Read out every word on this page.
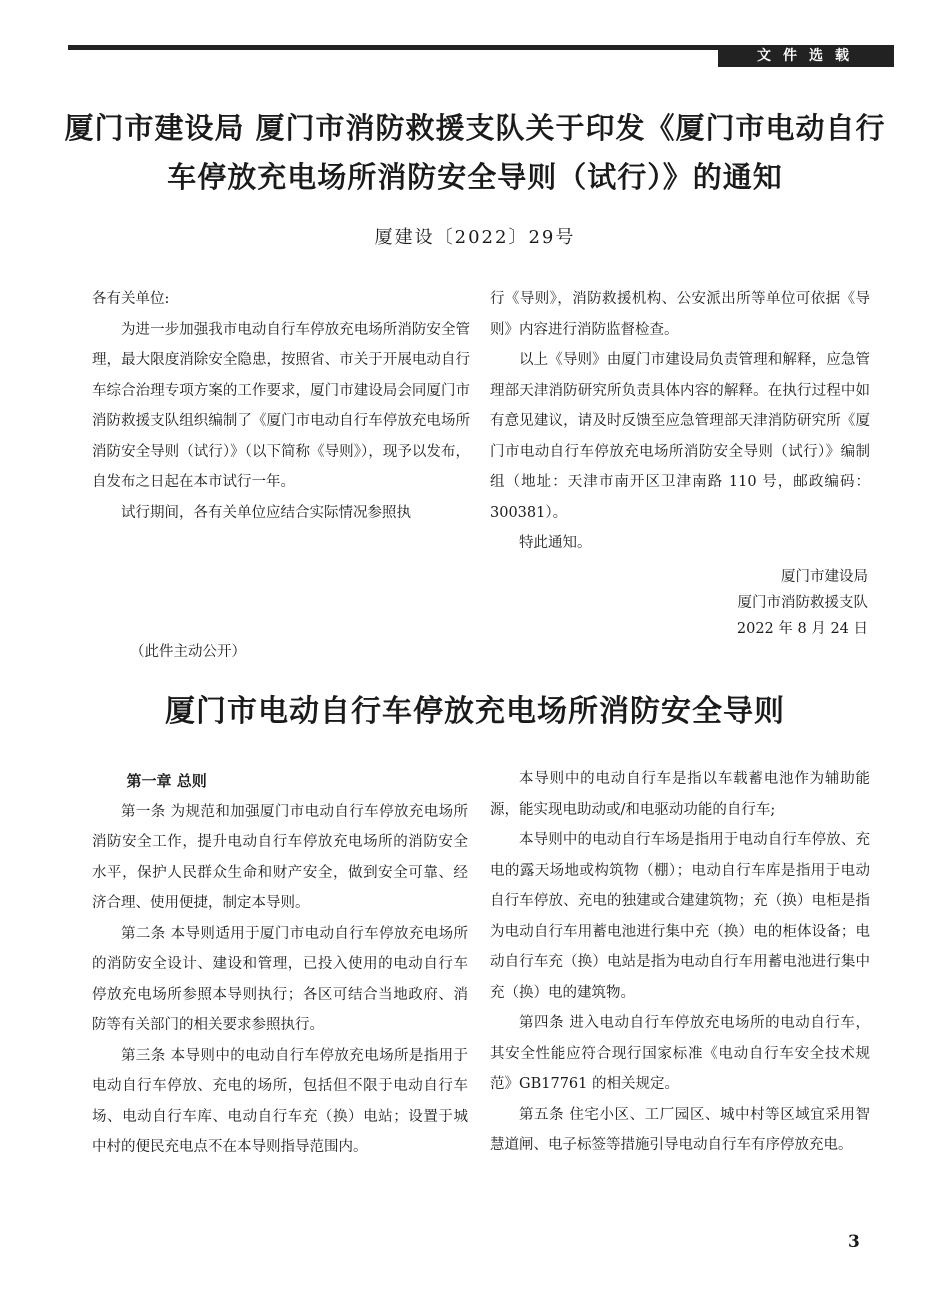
文件选载
厦门市建设局 厦门市消防救援支队关于印发《厦门市电动自行车停放充电场所消防安全导则（试行）》的通知
厦建设〔2022〕29号

各有关单位:

为进一步加强我市电动自行车停放充电场所消防安全管理，最大限度消除安全隐患，按照省、市关于开展电动自行车综合治理专项方案的工作要求，厦门市建设局会同厦门市消防救援支队组织编制了《厦门市电动自行车停放充电场所消防安全导则（试行）》（以下简称《导则》），现予以发布，自发布之日起在本市试行一年。

试行期间，各有关单位应结合实际情况参照执

行《导则》，消防救援机构、公安派出所等单位可依据《导则》内容进行消防监督检查。

以上《导则》由厦门市建设局负责管理和解释，应急管理部天津消防研究所负责具体内容的解释。在执行过程中如有意见建议，请及时反馈至应急管理部天津消防研究所《厦门市电动自行车停放充电场所消防安全导则（试行）》编制组（地址：天津市南开区卫津南路 110 号，邮政编码：300381）。

特此通知。

厦门市建设局
厦门市消防救援支队
2022 年 8 月 24 日
（此件主动公开）
厦门市电动自行车停放充电场所消防安全导则

第一章 总则

第一条 为规范和加强厦门市电动自行车停放充电场所消防安全工作，提升电动自行车停放充电场所的消防安全水平，保护人民群众生命和财产安全，做到安全可靠、经济合理、使用便捷，制定本导则。

第二条 本导则适用于厦门市电动自行车停放充电场所的消防安全设计、建设和管理，已投入使用的电动自行车停放充电场所参照本导则执行；各区可结合当地政府、消防等有关部门的相关要求参照执行。

第三条 本导则中的电动自行车停放充电场所是指用于电动自行车停放、充电的场所，包括但不限于电动自行车场、电动自行车库、电动自行车充（换）电站；设置于城中村的便民充电点不在本导则指导范围内。

本导则中的电动自行车是指以车载蓄电池作为辅助能源，能实现电助动或/和电驱动功能的自行车;

本导则中的电动自行车场是指用于电动自行车停放、充电的露天场地或构筑物（棚）；电动自行车库是指用于电动自行车停放、充电的独建或合建建筑物；充（换）电柜是指为电动自行车用蓄电池进行集中充（换）电的柜体设备；电动自行车充（换）电站是指为电动自行车用蓄电池进行集中充（换）电的建筑物。

第四条 进入电动自行车停放充电场所的电动自行车，其安全性能应符合现行国家标准《电动自行车安全技术规范》GB17761 的相关规定。

第五条 住宅小区、工厂园区、城中村等区域宜采用智慧道闸、电子标签等措施引导电动自行车有序停放充电。

3
